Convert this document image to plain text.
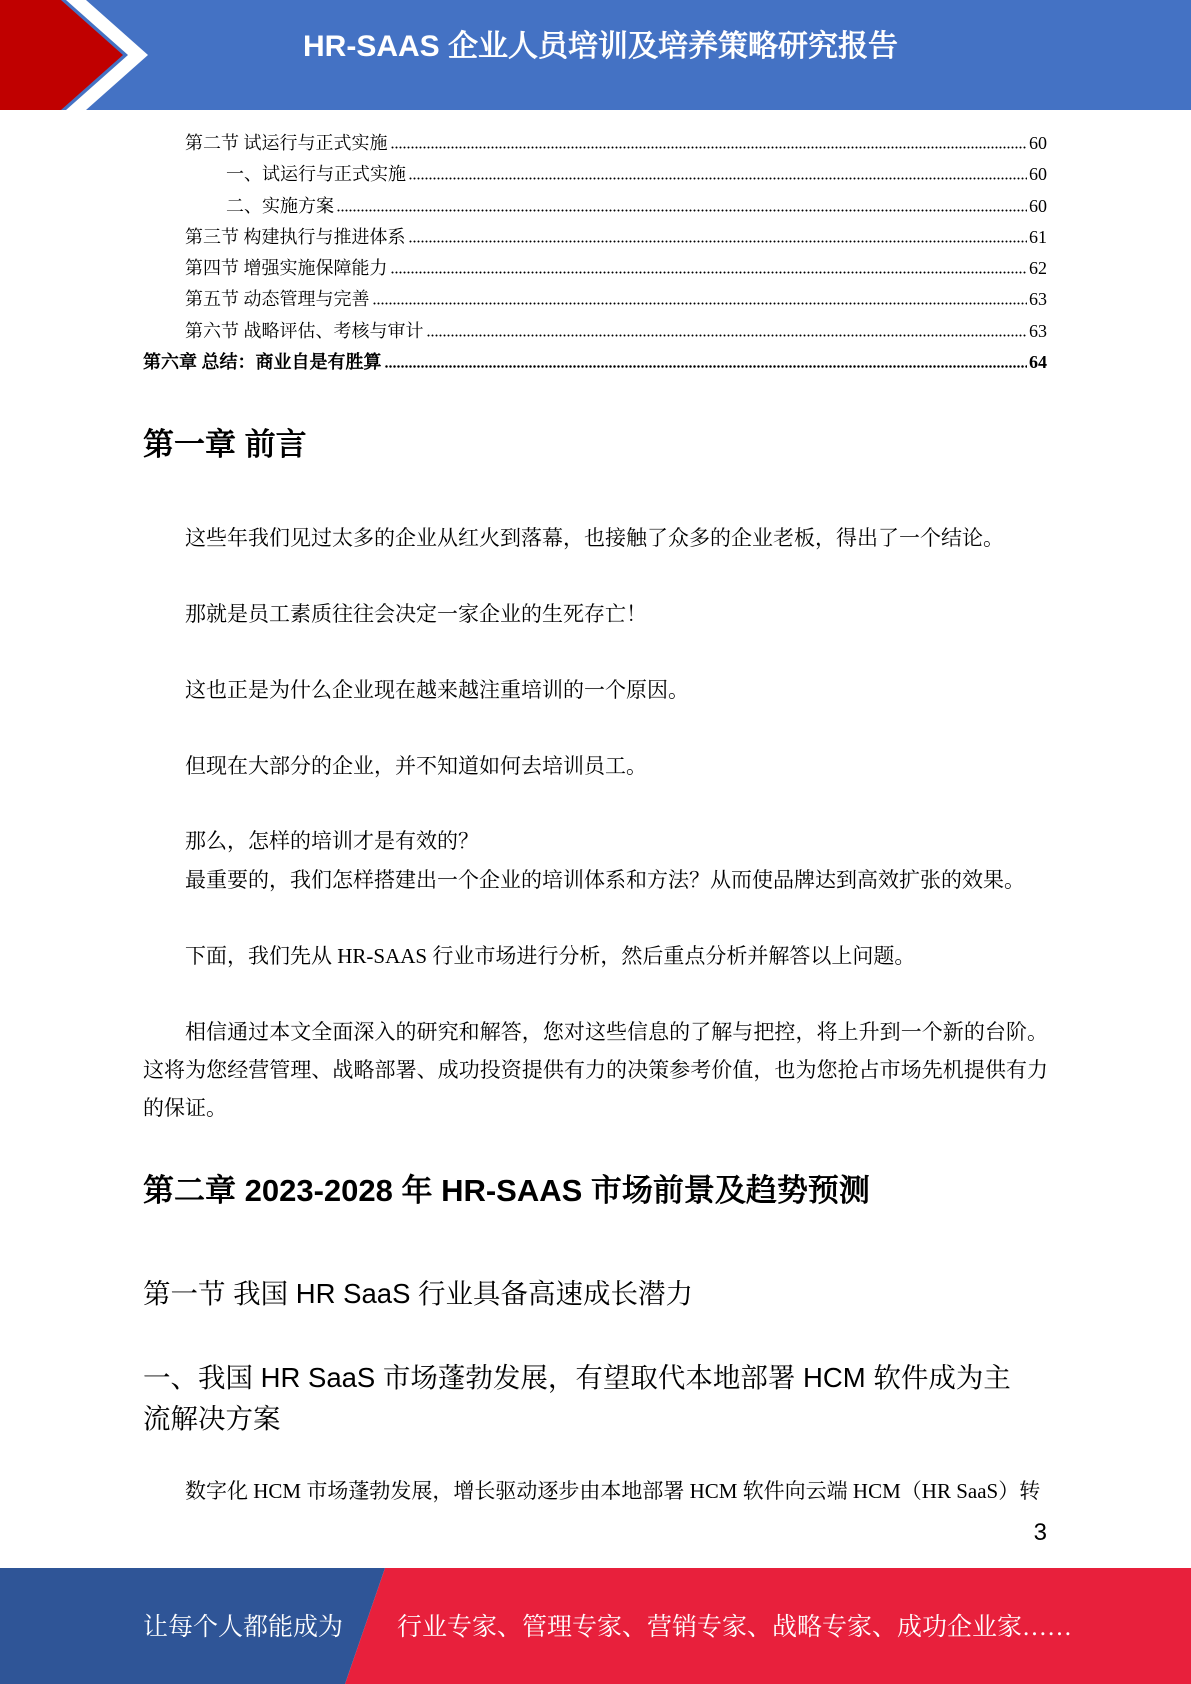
HR-SAAS 企业人员培训及培养策略研究报告
第二节 试运行与正式实施	60
一、试运行与正式实施	60
二、实施方案	60
第三节 构建执行与推进体系	61
第四节 增强实施保障能力	62
第五节 动态管理与完善	63
第六节 战略评估、考核与审计	63
第六章 总结：商业自是有胜算	64
第一章 前言

这些年我们见过太多的企业从红火到落幕，也接触了众多的企业老板，得出了一个结论。

那就是员工素质往往会决定一家企业的生死存亡！

这也正是为什么企业现在越来越注重培训的一个原因。

但现在大部分的企业，并不知道如何去培训员工。

那么，怎样的培训才是有效的？

最重要的，我们怎样搭建出一个企业的培训体系和方法？从而使品牌达到高效扩张的效果。

下面，我们先从 HR-SAAS 行业市场进行分析，然后重点分析并解答以上问题。

相信通过本文全面深入的研究和解答，您对这些信息的了解与把控，将上升到一个新的台阶。这将为您经营管理、战略部署、成功投资提供有力的决策参考价值，也为您抢占市场先机提供有力的保证。

第二章 2023-2028 年 HR-SAAS 市场前景及趋势预测
第一节 我国 HR SaaS 行业具备高速成长潜力
一、我国 HR SaaS 市场蓬勃发展，有望取代本地部署 HCM 软件成为主流解决方案

数字化 HCM 市场蓬勃发展，增长驱动逐步由本地部署 HCM 软件向云端 HCM（HR SaaS）转

3
让每个人都能成为 行业专家、管理专家、营销专家、战略专家、成功企业家……
